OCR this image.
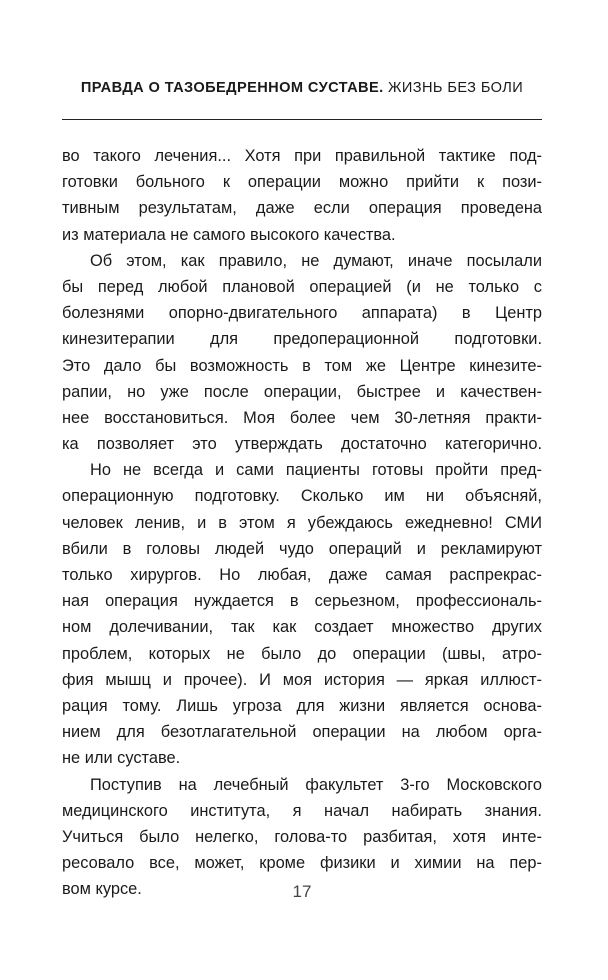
ПРАВДА О ТАЗОБЕДРЕННОМ СУСТАВЕ. ЖИЗНЬ БЕЗ БОЛИ
во такого лечения... Хотя при правильной тактике под-
готовки больного к операции можно прийти к пози-
тивным результатам, даже если операция проведена
из материала не самого высокого качества.
Об этом, как правило, не думают, иначе посылали
бы перед любой плановой операцией (и не только с
болезнями опорно-двигательного аппарата) в Центр
кинезитерапии для предоперационной подготовки.
Это дало бы возможность в том же Центре кинезите-
рапии, но уже после операции, быстрее и качествен-
нее восстановиться. Моя более чем 30-летняя практи-
ка позволяет это утверждать достаточно категорично.
Но не всегда и сами пациенты готовы пройти пред-
операционную подготовку. Сколько им ни объясняй,
человек ленив, и в этом я убеждаюсь ежедневно! СМИ
вбили в головы людей чудо операций и рекламируют
только хирургов. Но любая, даже самая распрекрас-
ная операция нуждается в серьезном, профессиональ-
ном долечивании, так как создает множество других
проблем, которых не было до операции (швы, атро-
фия мышц и прочее). И моя история — яркая иллюст-
рация тому. Лишь угроза для жизни является основа-
нием для безотлагательной операции на любом орга-
не или суставе.
Поступив на лечебный факультет 3-го Московского
медицинского института, я начал набирать знания.
Учиться было нелегко, голова-то разбитая, хотя инте-
ресовало все, может, кроме физики и химии на пер-
вом курсе.	17
